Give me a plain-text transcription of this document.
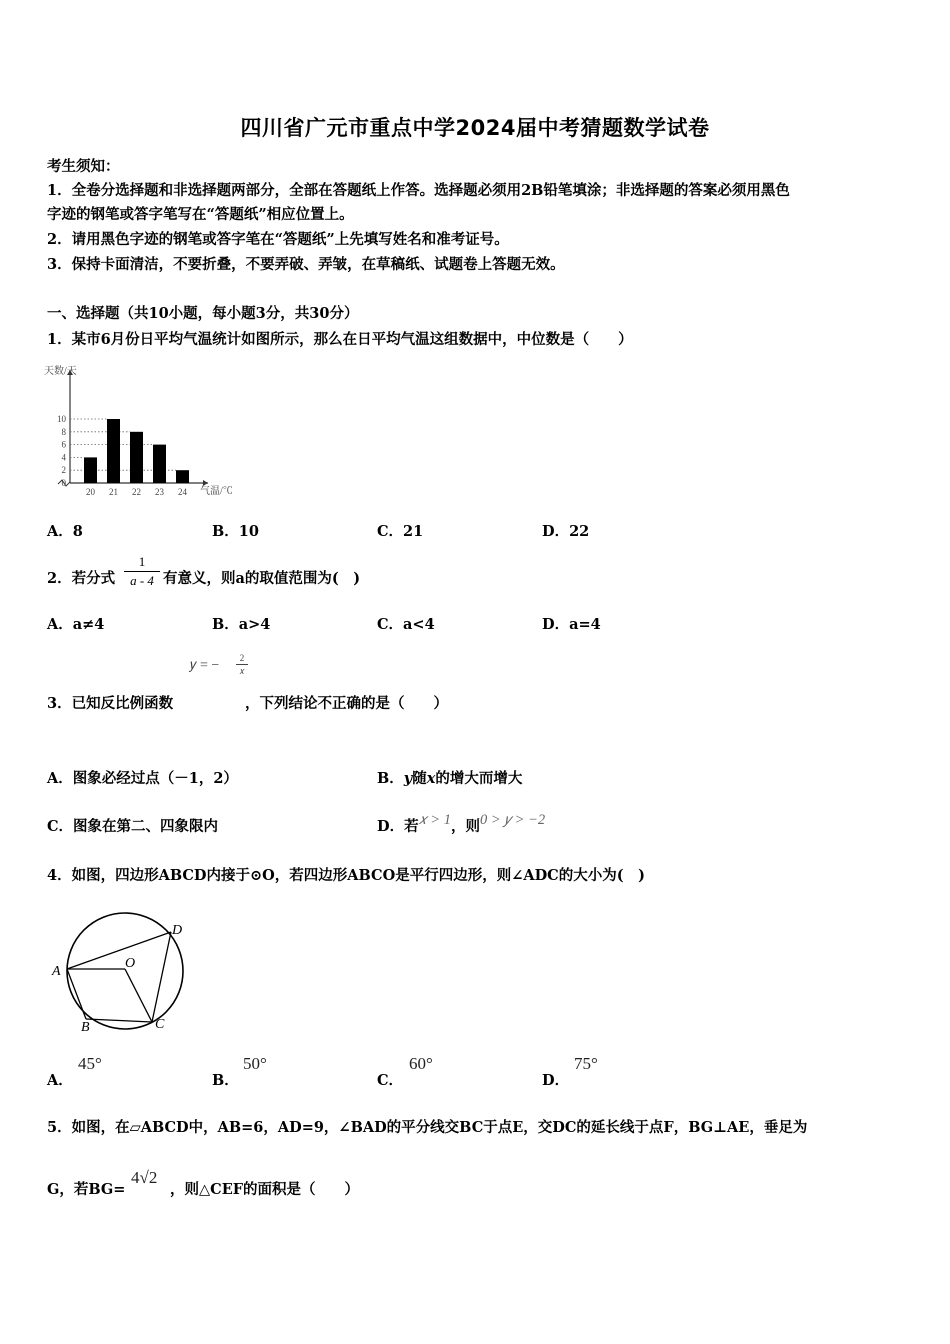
四川省广元市重点中学2024届中考猜题数学试卷
考生须知：
1．全卷分选择题和非选择题两部分，全部在答题纸上作答。选择题必须用2B铅笔填涂；非选择题的答案必须用黑色
字迹的钢笔或答字笔写在“答题纸”相应位置上。
2．请用黑色字迹的钢笔或答字笔在“答题纸”上先填写姓名和准考证号。
3．保持卡面清洁，不要折叠，不要弄破、弄皱，在草稿纸、试题卷上答题无效。
一、选择题（共10小题，每小题3分，共30分）
1．某市6月份日平均气温统计如图所示，那么在日平均气温这组数据中，中位数是（　　）
0
2
4
6
8
10
20 21 22 23 24
天数/天
气温/℃
A．8	B．10	C．21	D．22
2．若分式
1
a - 4 有意义，则a的取值范围为(　)
A．a≠4	B．a>4	C．a<4	D．a=4
𝑦 = −	2
𝑥
3．已知反比例函数	，下列结论不正确的是（　　）
A．图象必经过点（－1，2）	B．y随x的增大而增大
C．图象在第二、四象限内	D．若𝑥 > 1，则0 > 𝑦 > −2
4．如图，四边形ABCD内接于⊙O，若四边形ABCO是平行四边形，则∠ADC的大小为(　)
A
B	C
D
O
A．
45°
B．
50°
C．
60°
D．
75°
5．如图，在▱ABCD中，AB=6，AD=9，∠BAD的平分线交BC于点E，交DC的延长线于点F，BG⊥AE，垂足为
G，若BG=
4√2
，则△CEF的面积是（　　）
